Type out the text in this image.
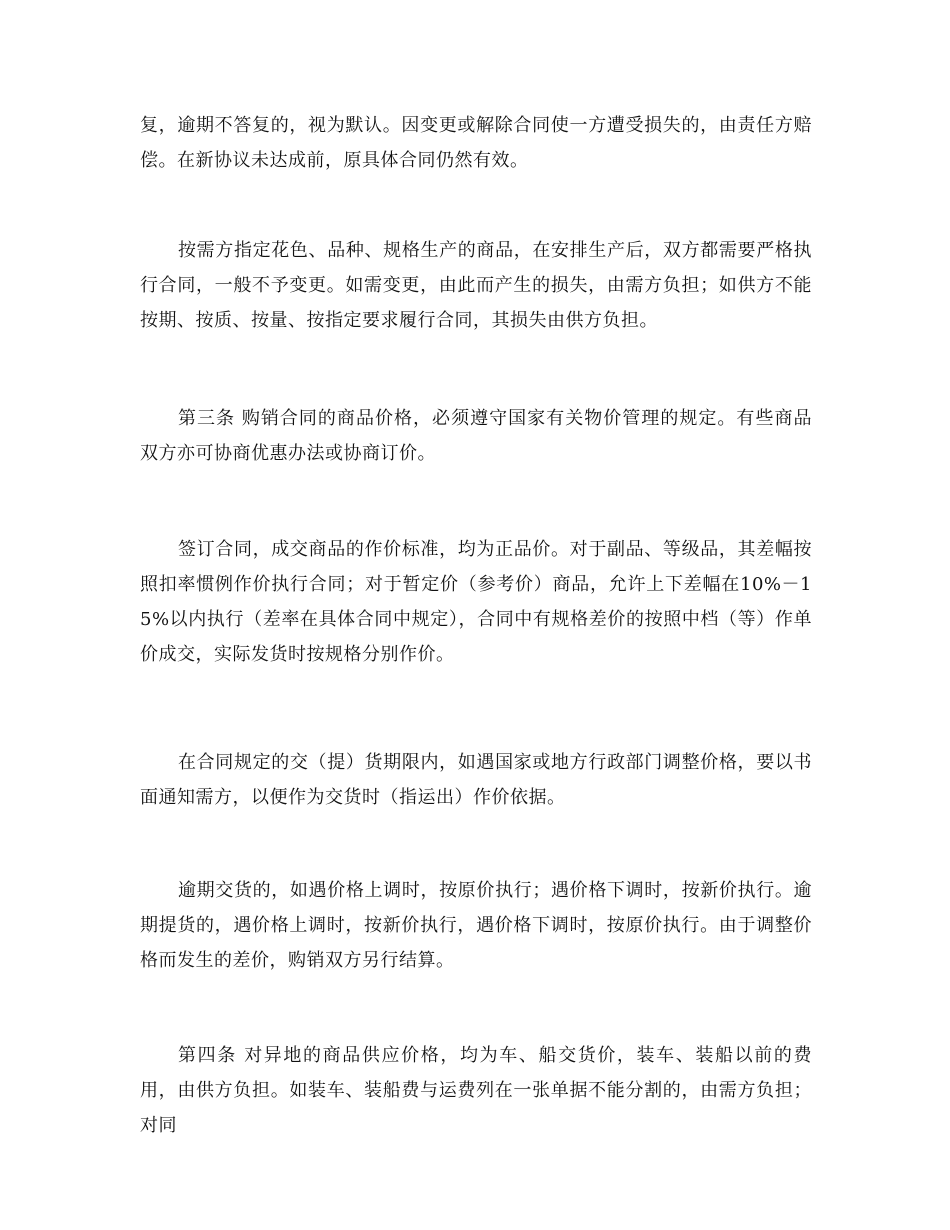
复，逾期不答复的，视为默认。因变更或解除合同使一方遭受损失的，由责任方赔偿。在新协议未达成前，原具体合同仍然有效。

按需方指定花色、品种、规格生产的商品，在安排生产后，双方都需要严格执行合同，一般不予变更。如需变更，由此而产生的损失，由需方负担；如供方不能按期、按质、按量、按指定要求履行合同，其损失由供方负担。

第三条 购销合同的商品价格，必须遵守国家有关物价管理的规定。有些商品双方亦可协商优惠办法或协商订价。

签订合同，成交商品的作价标准，均为正品价。对于副品、等级品，其差幅按照扣率惯例作价执行合同；对于暂定价（参考价）商品，允许上下差幅在10%－15%以内执行（差率在具体合同中规定），合同中有规格差价的按照中档（等）作单价成交，实际发货时按规格分别作价。

在合同规定的交（提）货期限内，如遇国家或地方行政部门调整价格，要以书面通知需方，以便作为交货时（指运出）作价依据。

逾期交货的，如遇价格上调时，按原价执行；遇价格下调时，按新价执行。逾期提货的，遇价格上调时，按新价执行，遇价格下调时，按原价执行。由于调整价格而发生的差价，购销双方另行结算。

第四条 对异地的商品供应价格，均为车、船交货价，装车、装船以前的费用，由供方负担。如装车、装船费与运费列在一张单据不能分割的，由需方负担；对同
